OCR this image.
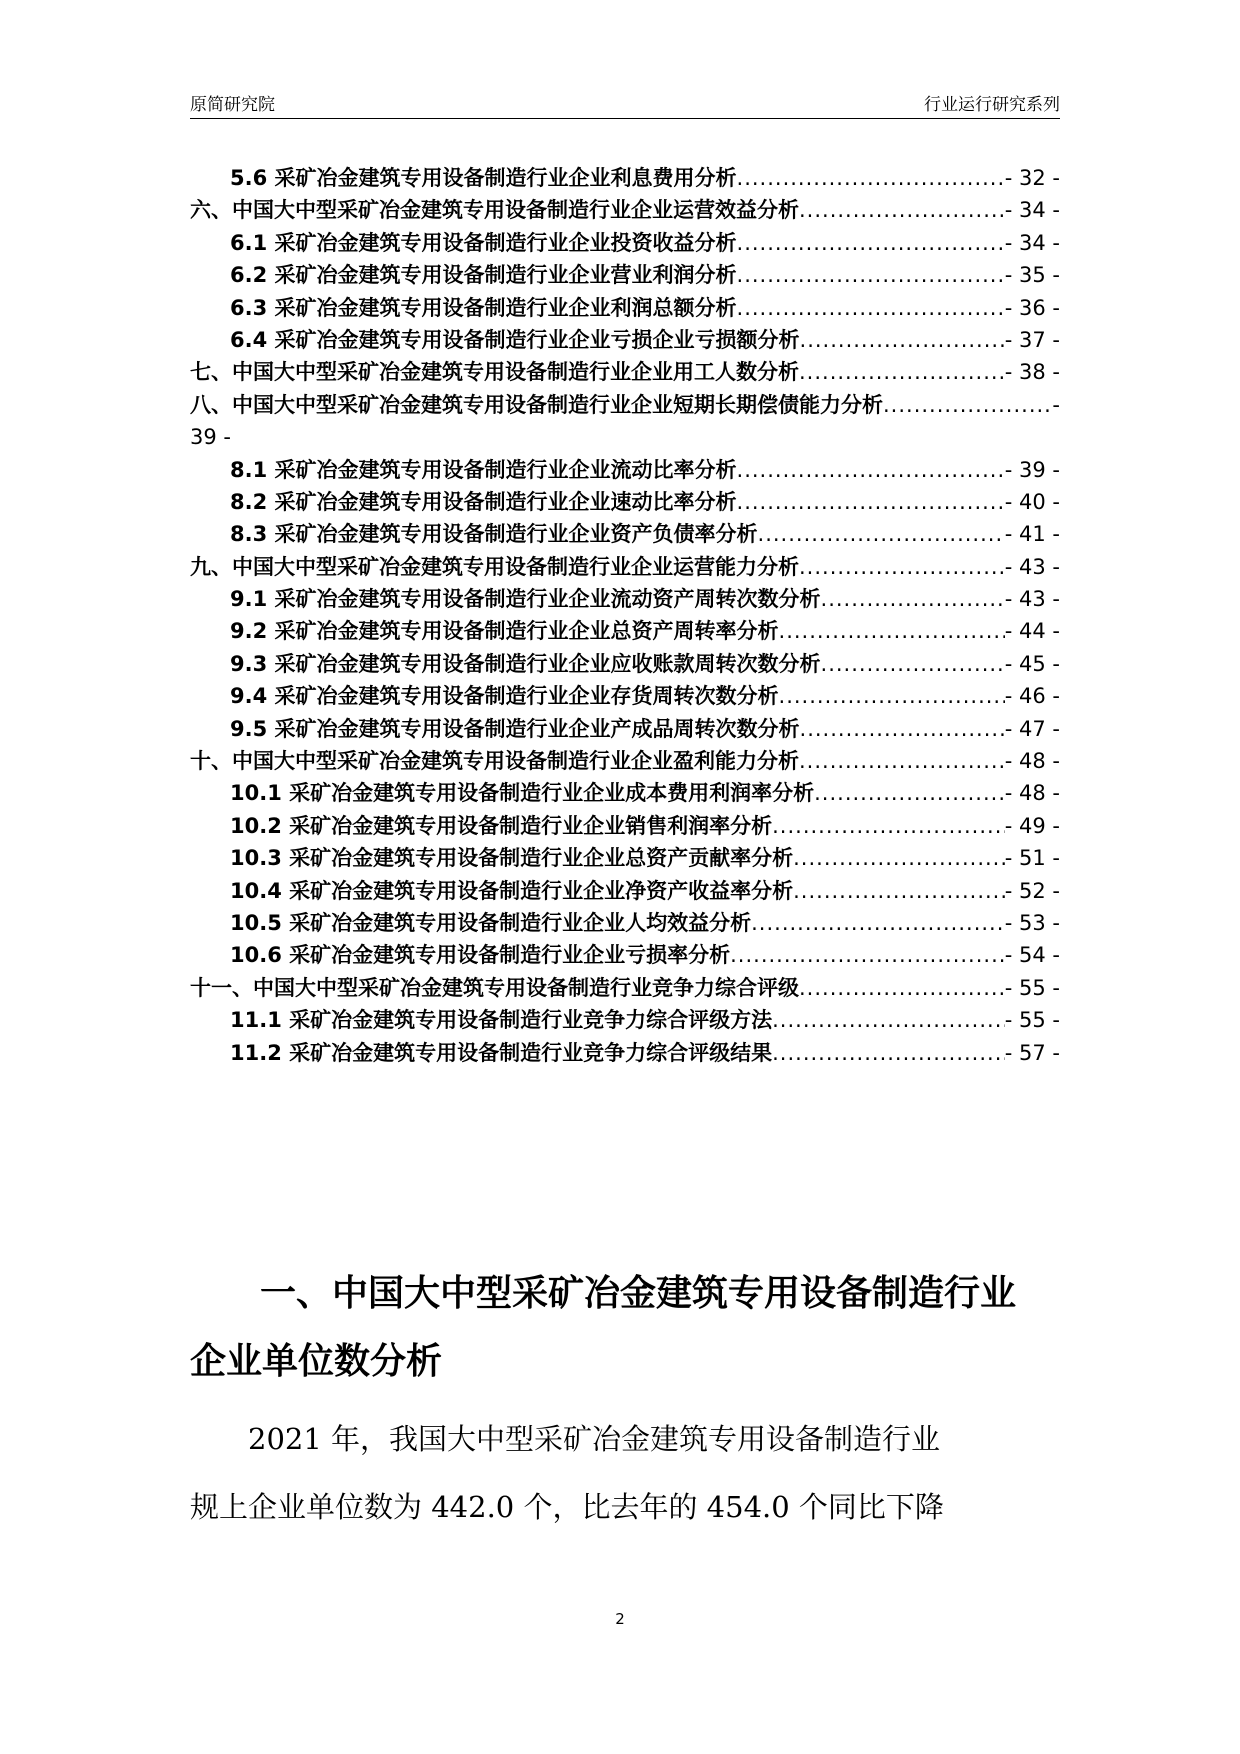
原简研究院	行业运行研究系列
5.6 采矿冶金建筑专用设备制造行业企业利息费用分析 .....	- 32 -
六、中国大中型采矿冶金建筑专用设备制造行业企业运营效益分析 .....	- 34 -
6.1 采矿冶金建筑专用设备制造行业企业投资收益分析 .....	- 34 -
6.2 采矿冶金建筑专用设备制造行业企业营业利润分析 .....	- 35 -
6.3 采矿冶金建筑专用设备制造行业企业利润总额分析 .....	- 36 -
6.4 采矿冶金建筑专用设备制造行业企业亏损企业亏损额分析 .....	- 37 -
七、中国大中型采矿冶金建筑专用设备制造行业企业用工人数分析 .....	- 38 -
八、中国大中型采矿冶金建筑专用设备制造行业企业短期长期偿债能力分析 .....	-
39 -
8.1 采矿冶金建筑专用设备制造行业企业流动比率分析 .....	- 39 -
8.2 采矿冶金建筑专用设备制造行业企业速动比率分析 .....	- 40 -
8.3 采矿冶金建筑专用设备制造行业企业资产负债率分析 .....	- 41 -
九、中国大中型采矿冶金建筑专用设备制造行业企业运营能力分析 .....	- 43 -
9.1 采矿冶金建筑专用设备制造行业企业流动资产周转次数分析 .....	- 43 -
9.2 采矿冶金建筑专用设备制造行业企业总资产周转率分析 .....	- 44 -
9.3 采矿冶金建筑专用设备制造行业企业应收账款周转次数分析 .....	- 45 -
9.4 采矿冶金建筑专用设备制造行业企业存货周转次数分析 .....	- 46 -
9.5 采矿冶金建筑专用设备制造行业企业产成品周转次数分析 .....	- 47 -
十、中国大中型采矿冶金建筑专用设备制造行业企业盈利能力分析 .....	- 48 -
10.1 采矿冶金建筑专用设备制造行业企业成本费用利润率分析 .....	- 48 -
10.2 采矿冶金建筑专用设备制造行业企业销售利润率分析 .....	- 49 -
10.3 采矿冶金建筑专用设备制造行业企业总资产贡献率分析 .....	- 51 -
10.4 采矿冶金建筑专用设备制造行业企业净资产收益率分析 .....	- 52 -
10.5 采矿冶金建筑专用设备制造行业企业人均效益分析 .....	- 53 -
10.6 采矿冶金建筑专用设备制造行业企业亏损率分析 .....	- 54 -
十一、中国大中型采矿冶金建筑专用设备制造行业竞争力综合评级 .....	- 55 -
11.1 采矿冶金建筑专用设备制造行业竞争力综合评级方法 .....	- 55 -
11.2 采矿冶金建筑专用设备制造行业竞争力综合评级结果 .....	- 57 -
一、中国大中型采矿冶金建筑专用设备制造行业
企业单位数分析
2021 年，我国大中型采矿冶金建筑专用设备制造行业
规上企业单位数为 442.0 个，比去年的 454.0 个同比下降
2
